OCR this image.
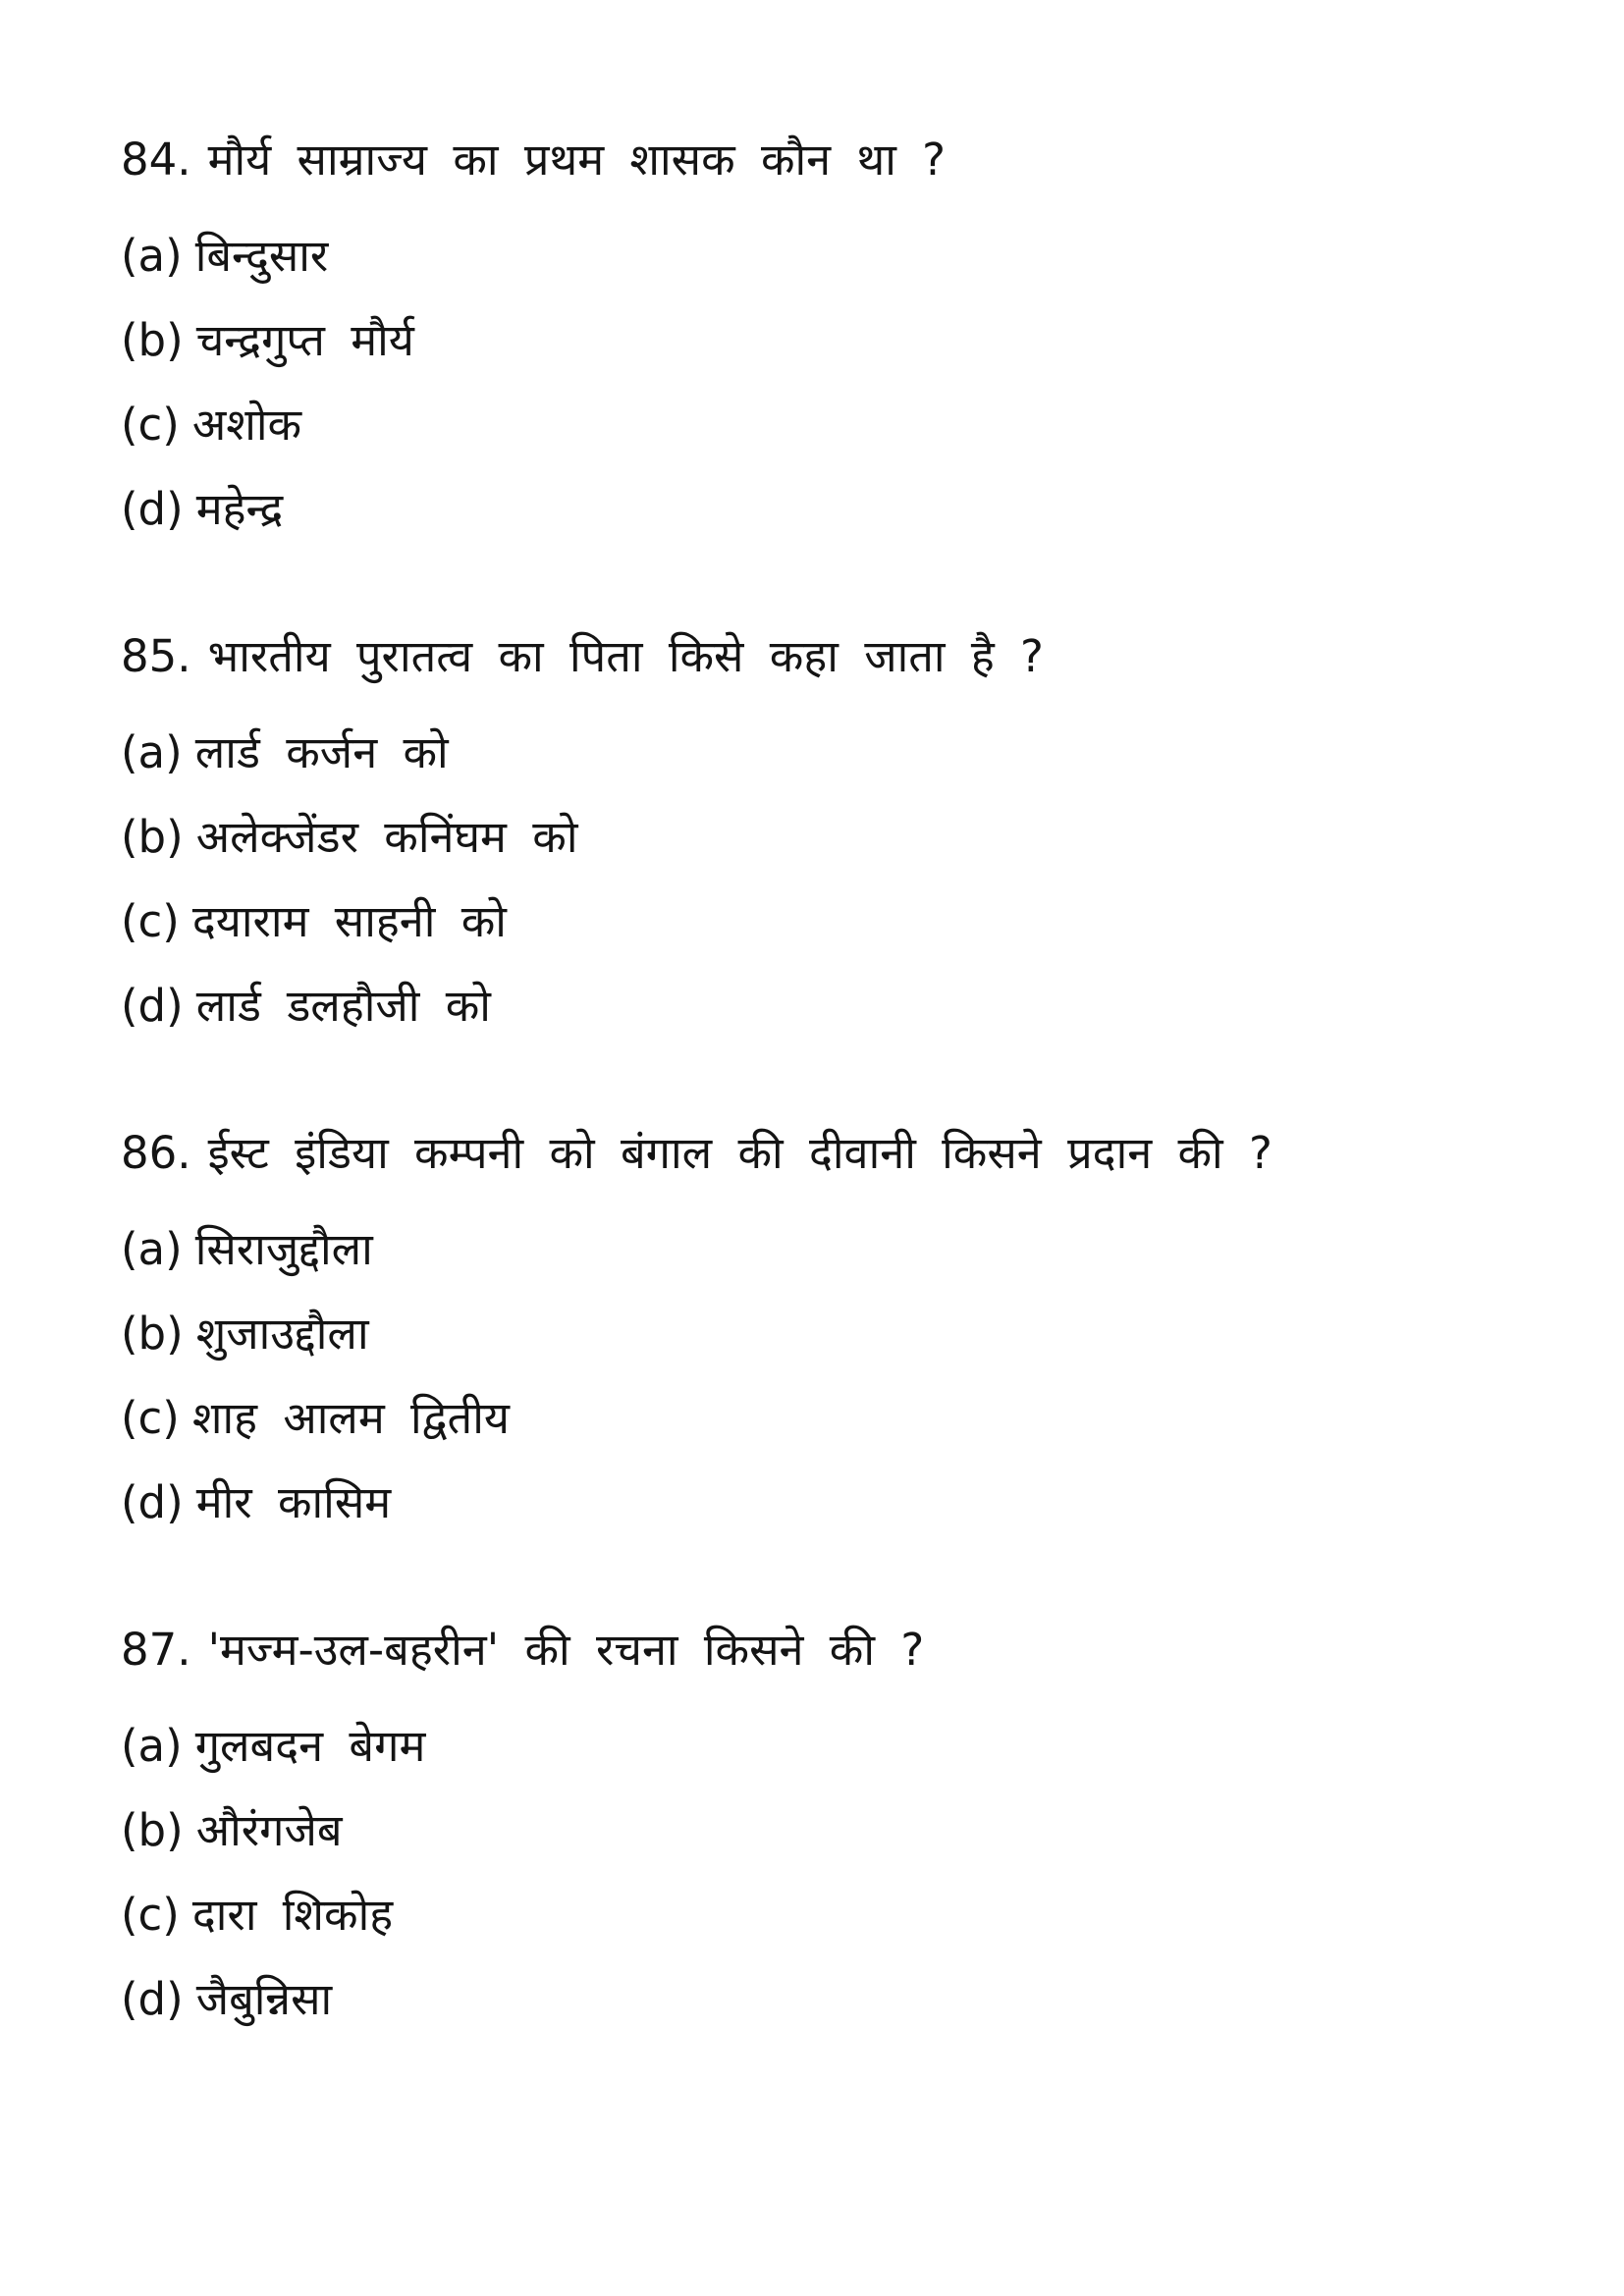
84. मौर्य साम्राज्य का प्रथम शासक कौन था ?
(a) बिन्दुसार
(b) चन्द्रगुप्त मौर्य
(c) अशोक
(d) महेन्द्र
85. भारतीय पुरातत्व का पिता किसे कहा जाता है ?
(a) लार्ड कर्जन को
(b) अलेक्जेंडर कनिंघम को
(c) दयाराम साहनी को
(d) लार्ड डलहौजी को
86. ईस्ट इंडिया कम्पनी को बंगाल की दीवानी किसने प्रदान की ?
(a) सिराजुद्दौला
(b) शुजाउद्दौला
(c) शाह आलम द्वितीय
(d) मीर कासिम
87. 'मज्म-उल-बहरीन' की रचना किसने की ?
(a) गुलबदन बेगम
(b) औरंगजेब
(c) दारा शिकोह
(d) जैबुन्निसा
